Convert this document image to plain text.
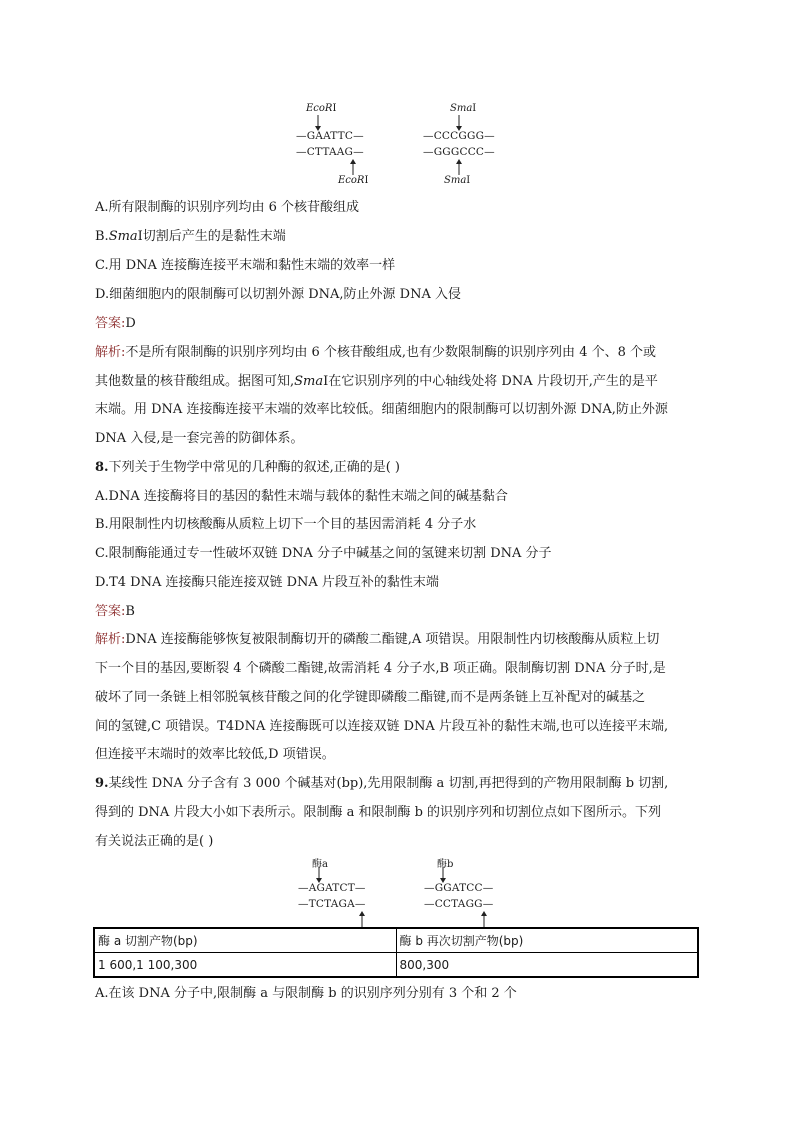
EcoRⅠ
—GAATTC—
—CTTAAG—
EcoRⅠ
SmaⅠ
—CCCGGG—
—GGGCCC—
SmaⅠ
A.所有限制酶的识别序列均由 6 个核苷酸组成
B.SmaⅠ切割后产生的是黏性末端
C.用 DNA 连接酶连接平末端和黏性末端的效率一样
D.细菌细胞内的限制酶可以切割外源 DNA,防止外源 DNA 入侵
答案:D
解析:不是所有限制酶的识别序列均由 6 个核苷酸组成,也有少数限制酶的识别序列由 4 个、8 个或
其他数量的核苷酸组成。据图可知,SmaⅠ在它识别序列的中心轴线处将 DNA 片段切开,产生的是平
末端。用 DNA 连接酶连接平末端的效率比较低。细菌细胞内的限制酶可以切割外源 DNA,防止外源
DNA 入侵,是一套完善的防御体系。
8.下列关于生物学中常见的几种酶的叙述,正确的是( )
A.DNA 连接酶将目的基因的黏性末端与载体的黏性末端之间的碱基黏合
B.用限制性内切核酸酶从质粒上切下一个目的基因需消耗 4 分子水
C.限制酶能通过专一性破坏双链 DNA 分子中碱基之间的氢键来切割 DNA 分子
D.T4 DNA 连接酶只能连接双链 DNA 片段互补的黏性末端
答案:B
解析:DNA 连接酶能够恢复被限制酶切开的磷酸二酯键,A 项错误。用限制性内切核酸酶从质粒上切
下一个目的基因,要断裂 4 个磷酸二酯键,故需消耗 4 分子水,B 项正确。限制酶切割 DNA 分子时,是
破坏了同一条链上相邻脱氧核苷酸之间的化学键即磷酸二酯键,而不是两条链上互补配对的碱基之
间的氢键,C 项错误。T4DNA 连接酶既可以连接双链 DNA 片段互补的黏性末端,也可以连接平末端,
但连接平末端时的效率比较低,D 项错误。
9.某线性 DNA 分子含有 3 000 个碱基对(bp),先用限制酶 a 切割,再把得到的产物用限制酶 b 切割,
得到的 DNA 片段大小如下表所示。限制酶 a 和限制酶 b 的识别序列和切割位点如下图所示。下列
有关说法正确的是( )
酶a
—AGATCT—
—TCTAGA—
酶b
—GGATCC—
—CCTAGG—
酶 a 切割产物(bp)	酶 b 再次切割产物(bp)
1 600,1 100,300	800,300
A.在该 DNA 分子中,限制酶 a 与限制酶 b 的识别序列分别有 3 个和 2 个
